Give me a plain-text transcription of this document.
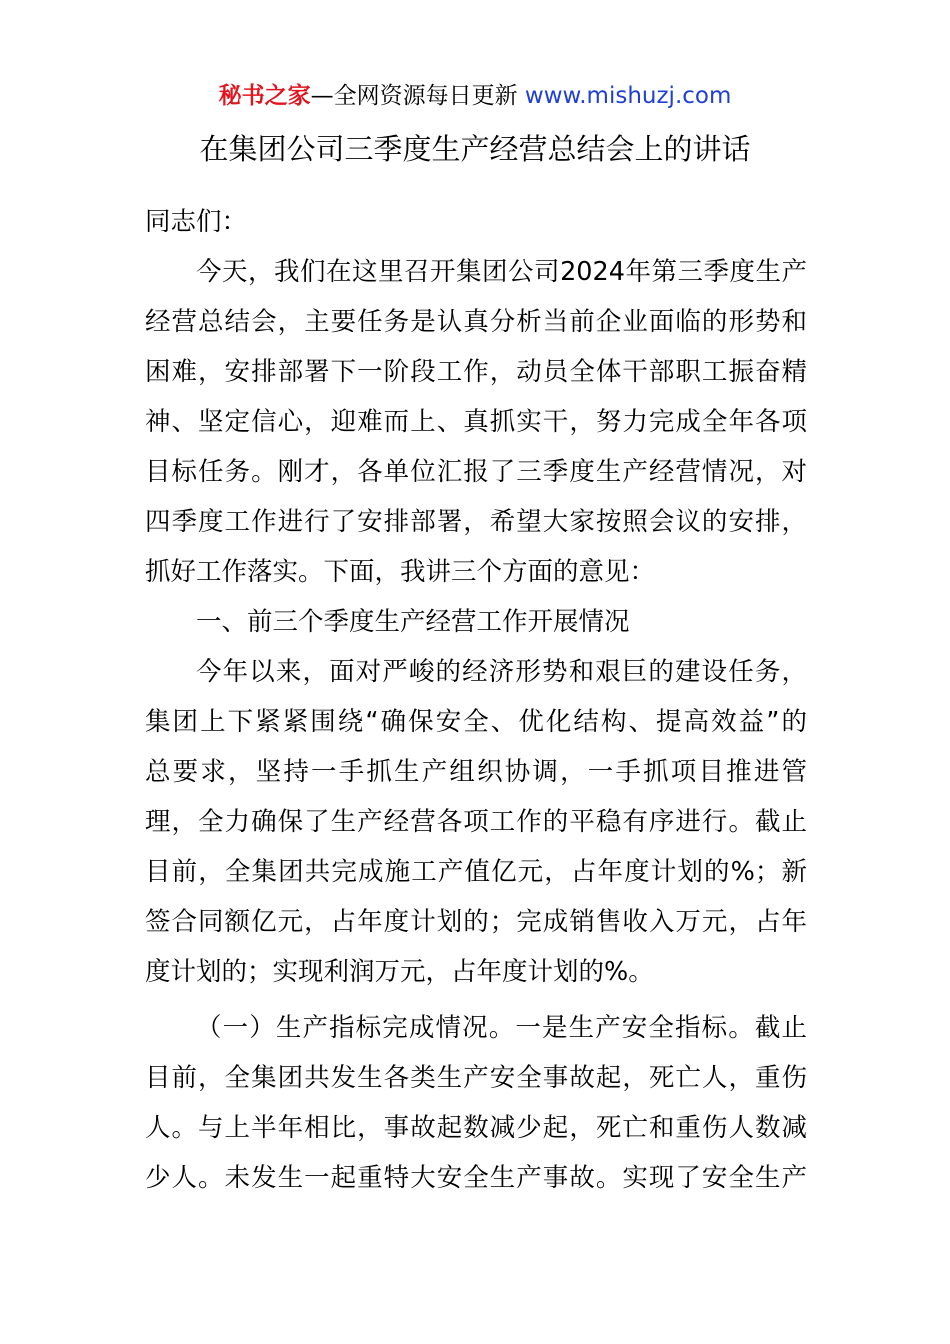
秘书之家—全网资源每日更新 www.mishuzj.com
在集团公司三季度生产经营总结会上的讲话
同志们：
今天，我们在这里召开集团公司2024年第三季度生产
经营总结会，主要任务是认真分析当前企业面临的形势和
困难，安排部署下一阶段工作，动员全体干部职工振奋精
神、坚定信心，迎难而上、真抓实干，努力完成全年各项
目标任务。刚才，各单位汇报了三季度生产经营情况，对
四季度工作进行了安排部署，希望大家按照会议的安排，
抓好工作落实。下面，我讲三个方面的意见：
一、前三个季度生产经营工作开展情况
今年以来，面对严峻的经济形势和艰巨的建设任务，
集团上下紧紧围绕“确保安全、优化结构、提高效益”的
总要求，坚持一手抓生产组织协调，一手抓项目推进管
理，全力确保了生产经营各项工作的平稳有序进行。截止
目前，全集团共完成施工产值亿元，占年度计划的%；新
签合同额亿元，占年度计划的；完成销售收入万元，占年
度计划的；实现利润万元，占年度计划的%。
（一）生产指标完成情况。一是生产安全指标。截止
目前，全集团共发生各类生产安全事故起，死亡人，重伤
人。与上半年相比，事故起数减少起，死亡和重伤人数减
少人。未发生一起重特大安全生产事故。实现了安全生产
